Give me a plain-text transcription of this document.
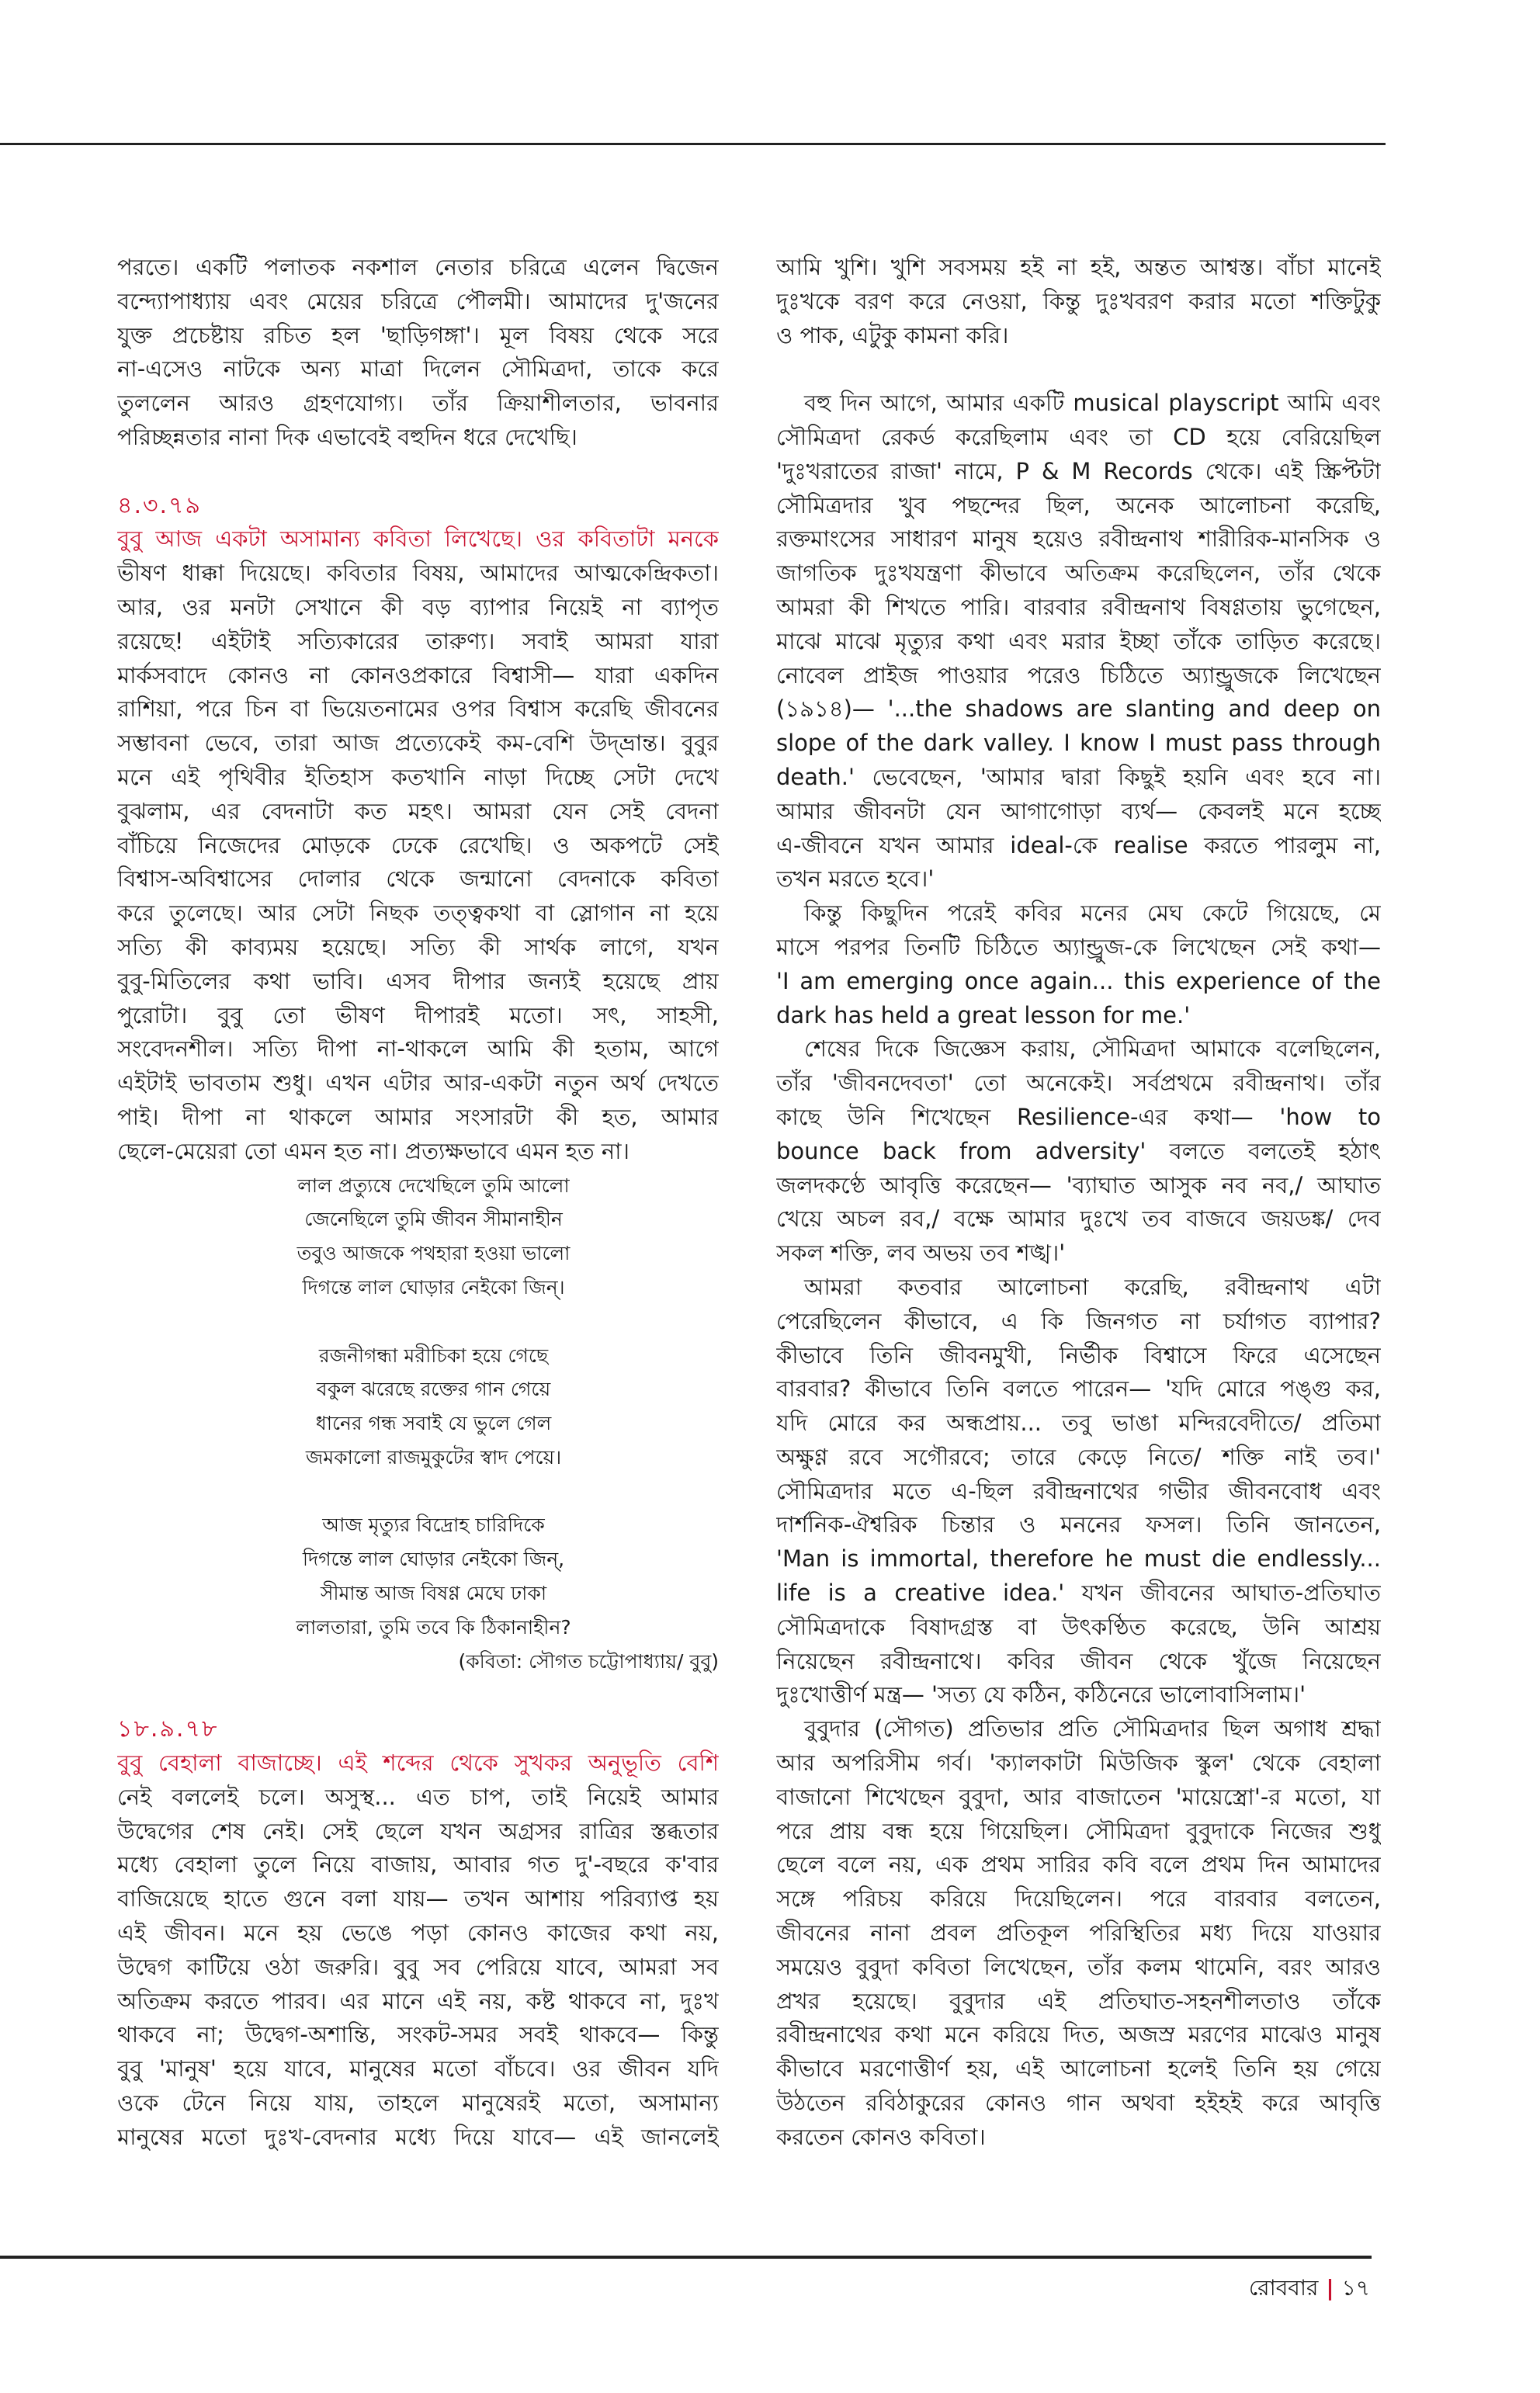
পরতে। একটি পলাতক নকশাল নেতার চরিত্রে এলেন দ্বিজেন
বন্দ্যোপাধ্যায় এবং মেয়ের চরিত্রে পৌলমী। আমাদের দু'জনের
যুক্ত প্রচেষ্টায় রচিত হল 'ছাড়িগঙ্গা'। মূল বিষয় থেকে সরে
না-এসেও নাটকে অন্য মাত্রা দিলেন সৌমিত্রদা, তাকে করে
তুললেন আরও গ্রহণযোগ্য। তাঁর ক্রিয়াশীলতার, ভাবনার
পরিচ্ছন্নতার নানা দিক এভাবেই বহুদিন ধরে দেখেছি।
৪.৩.৭৯
বুবু আজ একটা অসামান্য কবিতা লিখেছে। ওর কবিতাটা মনকে
ভীষণ ধাক্কা দিয়েছে। কবিতার বিষয়, আমাদের আত্মকেন্দ্রিকতা।
আর, ওর মনটা সেখানে কী বড় ব্যাপার নিয়েই না ব্যাপৃত
রয়েছে! এইটাই সত্যিকারের তারুণ্য। সবাই আমরা যারা
মার্কসবাদে কোনও না কোনওপ্রকারে বিশ্বাসী— যারা একদিন
রাশিয়া, পরে চিন বা ভিয়েতনামের ওপর বিশ্বাস করেছি জীবনের
সম্ভাবনা ভেবে, তারা আজ প্রত্যেকেই কম-বেশি উদ্‌ভ্রান্ত। বুবুর
মনে এই পৃথিবীর ইতিহাস কতখানি নাড়া দিচ্ছে সেটা দেখে
বুঝলাম, এর বেদনাটা কত মহৎ। আমরা যেন সেই বেদনা
বাঁচিয়ে নিজেদের মোড়কে ঢেকে রেখেছি। ও অকপটে সেই
বিশ্বাস-অবিশ্বাসের দোলার থেকে জন্মানো বেদনাকে কবিতা
করে তুলেছে। আর সেটা নিছক তত্ত্বকথা বা স্লোগান না হয়ে
সত্যি কী কাব্যময় হয়েছে। সত্যি কী সার্থক লাগে, যখন
বুবু-মিতিলের কথা ভাবি। এসব দীপার জন্যই হয়েছে প্রায়
পুরোটা। বুবু তো ভীষণ দীপারই মতো। সৎ, সাহসী,
সংবেদনশীল। সত্যি দীপা না-থাকলে আমি কী হতাম, আগে
এইটাই ভাবতাম শুধু। এখন এটার আর-একটা নতুন অর্থ দেখতে
পাই। দীপা না থাকলে আমার সংসারটা কী হত, আমার
ছেলে-মেয়েরা তো এমন হত না। প্রত্যক্ষভাবে এমন হত না।
লাল প্রত্যুষে দেখেছিলে তুমি আলো
জেনেছিলে তুমি জীবন সীমানাহীন
তবুও আজকে পথহারা হওয়া ভালো
দিগন্তে লাল ঘোড়ার নেইকো জিন্।
রজনীগন্ধা মরীচিকা হয়ে গেছে
বকুল ঝরেছে রক্তের গান গেয়ে
ধানের গন্ধ সবাই যে ভুলে গেল
জমকালো রাজমুকুটের স্বাদ পেয়ে।
আজ মৃত্যুর বিদ্রোহ চারিদিকে
দিগন্তে লাল ঘোড়ার নেইকো জিন্,
সীমান্ত আজ বিষণ্ণ মেঘে ঢাকা
লালতারা, তুমি তবে কি ঠিকানাহীন?
(কবিতা: সৌগত চট্টোপাধ্যায়/ বুবু)
১৮.৯.৭৮
বুবু বেহালা বাজাচ্ছে। এই শব্দের থেকে সুখকর অনুভূতি বেশি
নেই বললেই চলে। অসুস্থ... এত চাপ, তাই নিয়েই আমার
উদ্বেগের শেষ নেই। সেই ছেলে যখন অগ্রসর রাত্রির স্তব্ধতার
মধ্যে বেহালা তুলে নিয়ে বাজায়, আবার গত দু'-বছরে ক'বার
বাজিয়েছে হাতে গুনে বলা যায়— তখন আশায় পরিব্যাপ্ত হয়
এই জীবন। মনে হয় ভেঙে পড়া কোনও কাজের কথা নয়,
উদ্বেগ কাটিয়ে ওঠা জরুরি। বুবু সব পেরিয়ে যাবে, আমরা সব
অতিক্রম করতে পারব। এর মানে এই নয়, কষ্ট থাকবে না, দুঃখ
থাকবে না; উদ্বেগ-অশান্তি, সংকট-সমর সবই থাকবে— কিন্তু
বুবু 'মানুষ' হয়ে যাবে, মানুষের মতো বাঁচবে। ওর জীবন যদি
ওকে টেনে নিয়ে যায়, তাহলে মানুষেরই মতো, অসামান্য
মানুষের মতো দুঃখ-বেদনার মধ্যে দিয়ে যাবে— এই জানলেই
আমি খুশি। খুশি সবসময় হই না হই, অন্তত আশ্বস্ত। বাঁচা মানেই
দুঃখকে বরণ করে নেওয়া, কিন্তু দুঃখবরণ করার মতো শক্তিটুকু
ও পাক, এটুকু কামনা করি।
বহু দিন আগে, আমার একটি musical playscript আমি এবং
সৌমিত্রদা রেকর্ড করেছিলাম এবং তা CD হয়ে বেরিয়েছিল
'দুঃখরাতের রাজা' নামে, P & M Records থেকে। এই স্ক্রিপ্টটা
সৌমিত্রদার খুব পছন্দের ছিল, অনেক আলোচনা করেছি,
রক্তমাংসের সাধারণ মানুষ হয়েও রবীন্দ্রনাথ শারীরিক-মানসিক ও
জাগতিক দুঃখযন্ত্রণা কীভাবে অতিক্রম করেছিলেন, তাঁর থেকে
আমরা কী শিখতে পারি। বারবার রবীন্দ্রনাথ বিষণ্ণতায় ভুগেছেন,
মাঝে মাঝে মৃত্যুর কথা এবং মরার ইচ্ছা তাঁকে তাড়িত করেছে।
নোবেল প্রাইজ পাওয়ার পরেও চিঠিতে অ্যান্ড্রুজকে লিখেছেন
(১৯১৪)— '...the shadows are slanting and deep on
slope of the dark valley. I know I must pass through
death.' ভেবেছেন, 'আমার দ্বারা কিছুই হয়নি এবং হবে না।
আমার জীবনটা যেন আগাগোড়া ব্যর্থ— কেবলই মনে হচ্ছে
এ-জীবনে যখন আমার ideal-কে realise করতে পারলুম না,
তখন মরতে হবে।'
কিন্তু কিছুদিন পরেই কবির মনের মেঘ কেটে গিয়েছে, মে
মাসে পরপর তিনটি চিঠিতে অ্যান্ড্রুজ-কে লিখেছেন সেই কথা—
'I am emerging once again... this experience of the
dark has held a great lesson for me.'
শেষের দিকে জিজ্ঞেস করায়, সৌমিত্রদা আমাকে বলেছিলেন,
তাঁর 'জীবনদেবতা' তো অনেকেই। সর্বপ্রথমে রবীন্দ্রনাথ। তাঁর
কাছে উনি শিখেছেন Resilience-এর কথা— 'how to
bounce back from adversity' বলতে বলতেই হঠাৎ
জলদকণ্ঠে আবৃত্তি করেছেন— 'ব্যাঘাত আসুক নব নব,/ আঘাত
খেয়ে অচল রব,/ বক্ষে আমার দুঃখে তব বাজবে জয়ডঙ্ক/ দেব
সকল শক্তি, লব অভয় তব শঙ্খ।'
আমরা কতবার আলোচনা করেছি, রবীন্দ্রনাথ এটা
পেরেছিলেন কীভাবে, এ কি জিনগত না চর্যাগত ব্যাপার?
কীভাবে তিনি জীবনমুখী, নির্ভীক বিশ্বাসে ফিরে এসেছেন
বারবার? কীভাবে তিনি বলতে পারেন— 'যদি মোরে পঙ্গু কর,
যদি মোরে কর অন্ধপ্রায়... তবু ভাঙা মন্দিরবেদীতে/ প্রতিমা
অক্ষুণ্ণ রবে সগৌরবে; তারে কেড়ে নিতে/ শক্তি নাই তব।'
সৌমিত্রদার মতে এ-ছিল রবীন্দ্রনাথের গভীর জীবনবোধ এবং
দার্শনিক-ঐশ্বরিক চিন্তার ও মননের ফসল। তিনি জানতেন,
'Man is immortal, therefore he must die endlessly...
life is a creative idea.' যখন জীবনের আঘাত-প্রতিঘাত
সৌমিত্রদাকে বিষাদগ্রস্ত বা উৎকণ্ঠিত করেছে, উনি আশ্রয়
নিয়েছেন রবীন্দ্রনাথে। কবির জীবন থেকে খুঁজে নিয়েছেন
দুঃখোত্তীর্ণ মন্ত্র— 'সত্য যে কঠিন, কঠিনেরে ভালোবাসিলাম।'
বুবুদার (সৌগত) প্রতিভার প্রতি সৌমিত্রদার ছিল অগাধ শ্রদ্ধা
আর অপরিসীম গর্ব। 'ক্যালকাটা মিউজিক স্কুল' থেকে বেহালা
বাজানো শিখেছেন বুবুদা, আর বাজাতেন 'মায়েস্ত্রো'-র মতো, যা
পরে প্রায় বন্ধ হয়ে গিয়েছিল। সৌমিত্রদা বুবুদাকে নিজের শুধু
ছেলে বলে নয়, এক প্রথম সারির কবি বলে প্রথম দিন আমাদের
সঙ্গে পরিচয় করিয়ে দিয়েছিলেন। পরে বারবার বলতেন,
জীবনের নানা প্রবল প্রতিকূল পরিস্থিতির মধ্য দিয়ে যাওয়ার
সময়েও বুবুদা কবিতা লিখেছেন, তাঁর কলম থামেনি, বরং আরও
প্রখর হয়েছে। বুবুদার এই প্রতিঘাত-সহনশীলতাও তাঁকে
রবীন্দ্রনাথের কথা মনে করিয়ে দিত, অজস্র মরণের মাঝেও মানুষ
কীভাবে মরণোত্তীর্ণ হয়, এই আলোচনা হলেই তিনি হয় গেয়ে
উঠতেন রবিঠাকুরের কোনও গান অথবা হইহই করে আবৃত্তি
করতেন কোনও কবিতা।
রোববার | ১৭
